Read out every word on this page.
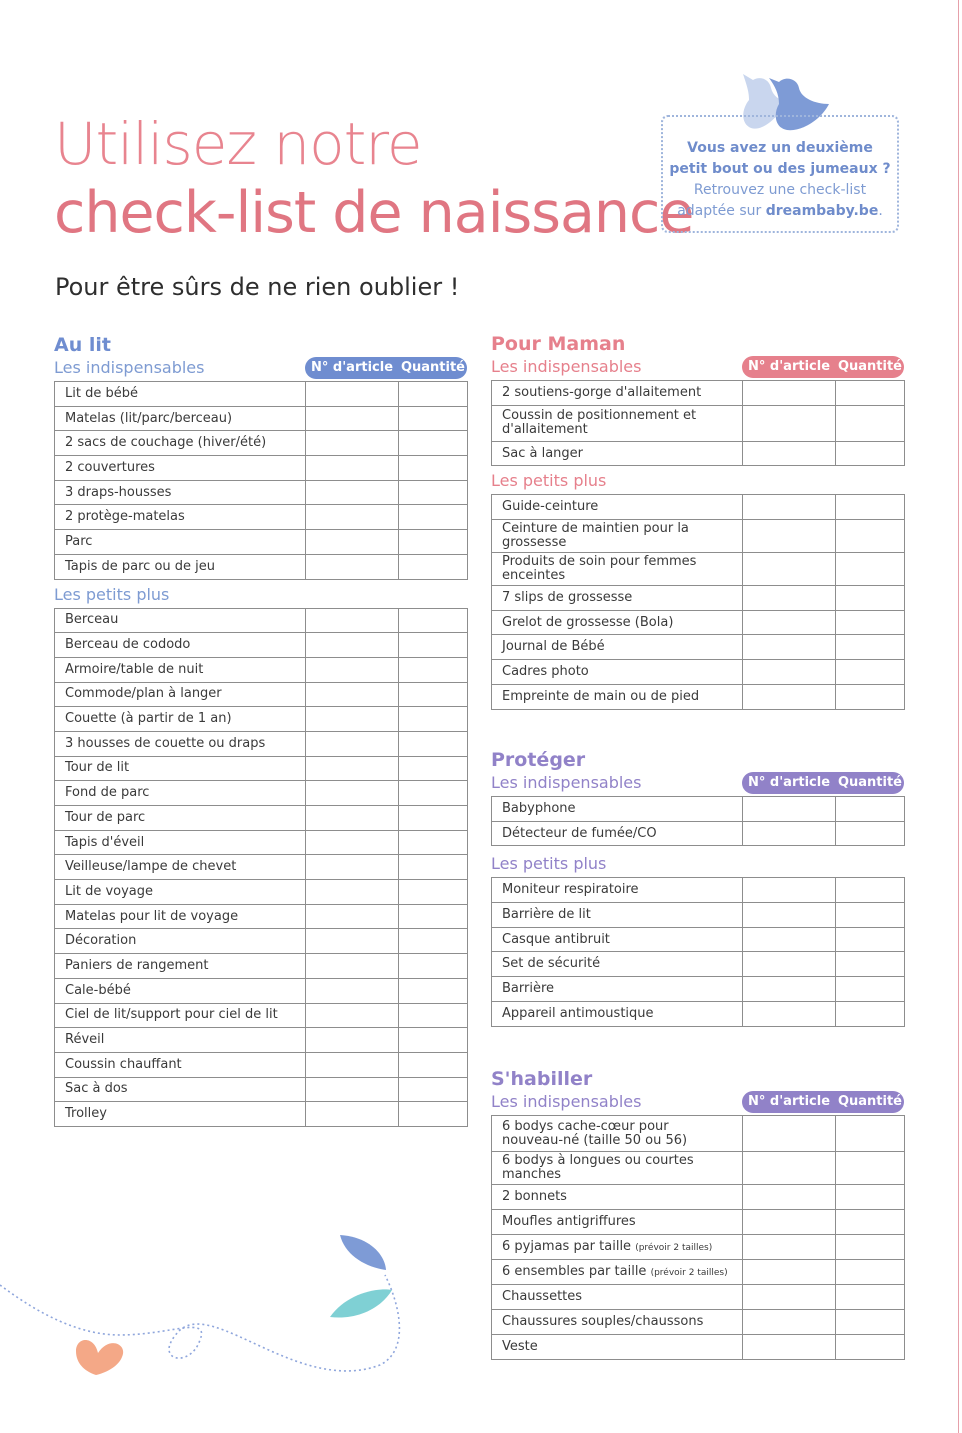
Utilisez notre
check-list de naissance
Pour être sûrs de ne rien oublier !
Vous avez un deuxième
petit bout ou des jumeaux ?
Retrouvez une check-list
adaptée sur dreambaby.be.
Au lit
Les indispensables	N° d'article Quantité
Lit de bébé		
Matelas (lit/parc/berceau)		
2 sacs de couchage (hiver/été)		
2 couvertures		
3 draps-housses		
2 protège-matelas		
Parc		
Tapis de parc ou de jeu		
Les petits plus
Berceau		
Berceau de cododo		
Armoire/table de nuit		
Commode/plan à langer		
Couette (à partir de 1 an)		
3 housses de couette ou draps		
Tour de lit		
Fond de parc		
Tour de parc		
Tapis d'éveil		
Veilleuse/lampe de chevet		
Lit de voyage		
Matelas pour lit de voyage		
Décoration		
Paniers de rangement		
Cale-bébé		
Ciel de lit/support pour ciel de lit		
Réveil		
Coussin chauffant		
Sac à dos		
Trolley		
Pour Maman
Les indispensables	N° d'article Quantité
2 soutiens-gorge d'allaitement		
Coussin de positionnement et d'allaitement		
Sac à langer		
Les petits plus
Guide-ceinture		
Ceinture de maintien pour la grossesse		
Produits de soin pour femmes enceintes		
7 slips de grossesse		
Grelot de grossesse (Bola)		
Journal de Bébé		
Cadres photo		
Empreinte de main ou de pied		
Protéger
Les indispensables	N° d'article Quantité
Babyphone		
Détecteur de fumée/CO		
Les petits plus
Moniteur respiratoire		
Barrière de lit		
Casque antibruit		
Set de sécurité		
Barrière		
Appareil antimoustique		
S'habiller
Les indispensables	N° d'article Quantité
6 bodys cache-cœur pour nouveau-né (taille 50 ou 56)		
6 bodys à longues ou courtes manches		
2 bonnets		
Moufles antigriffures		
6 pyjamas par taille (prévoir 2 tailles)		
6 ensembles par taille (prévoir 2 tailles)		
Chaussettes		
Chaussures souples/chaussons		
Veste		
